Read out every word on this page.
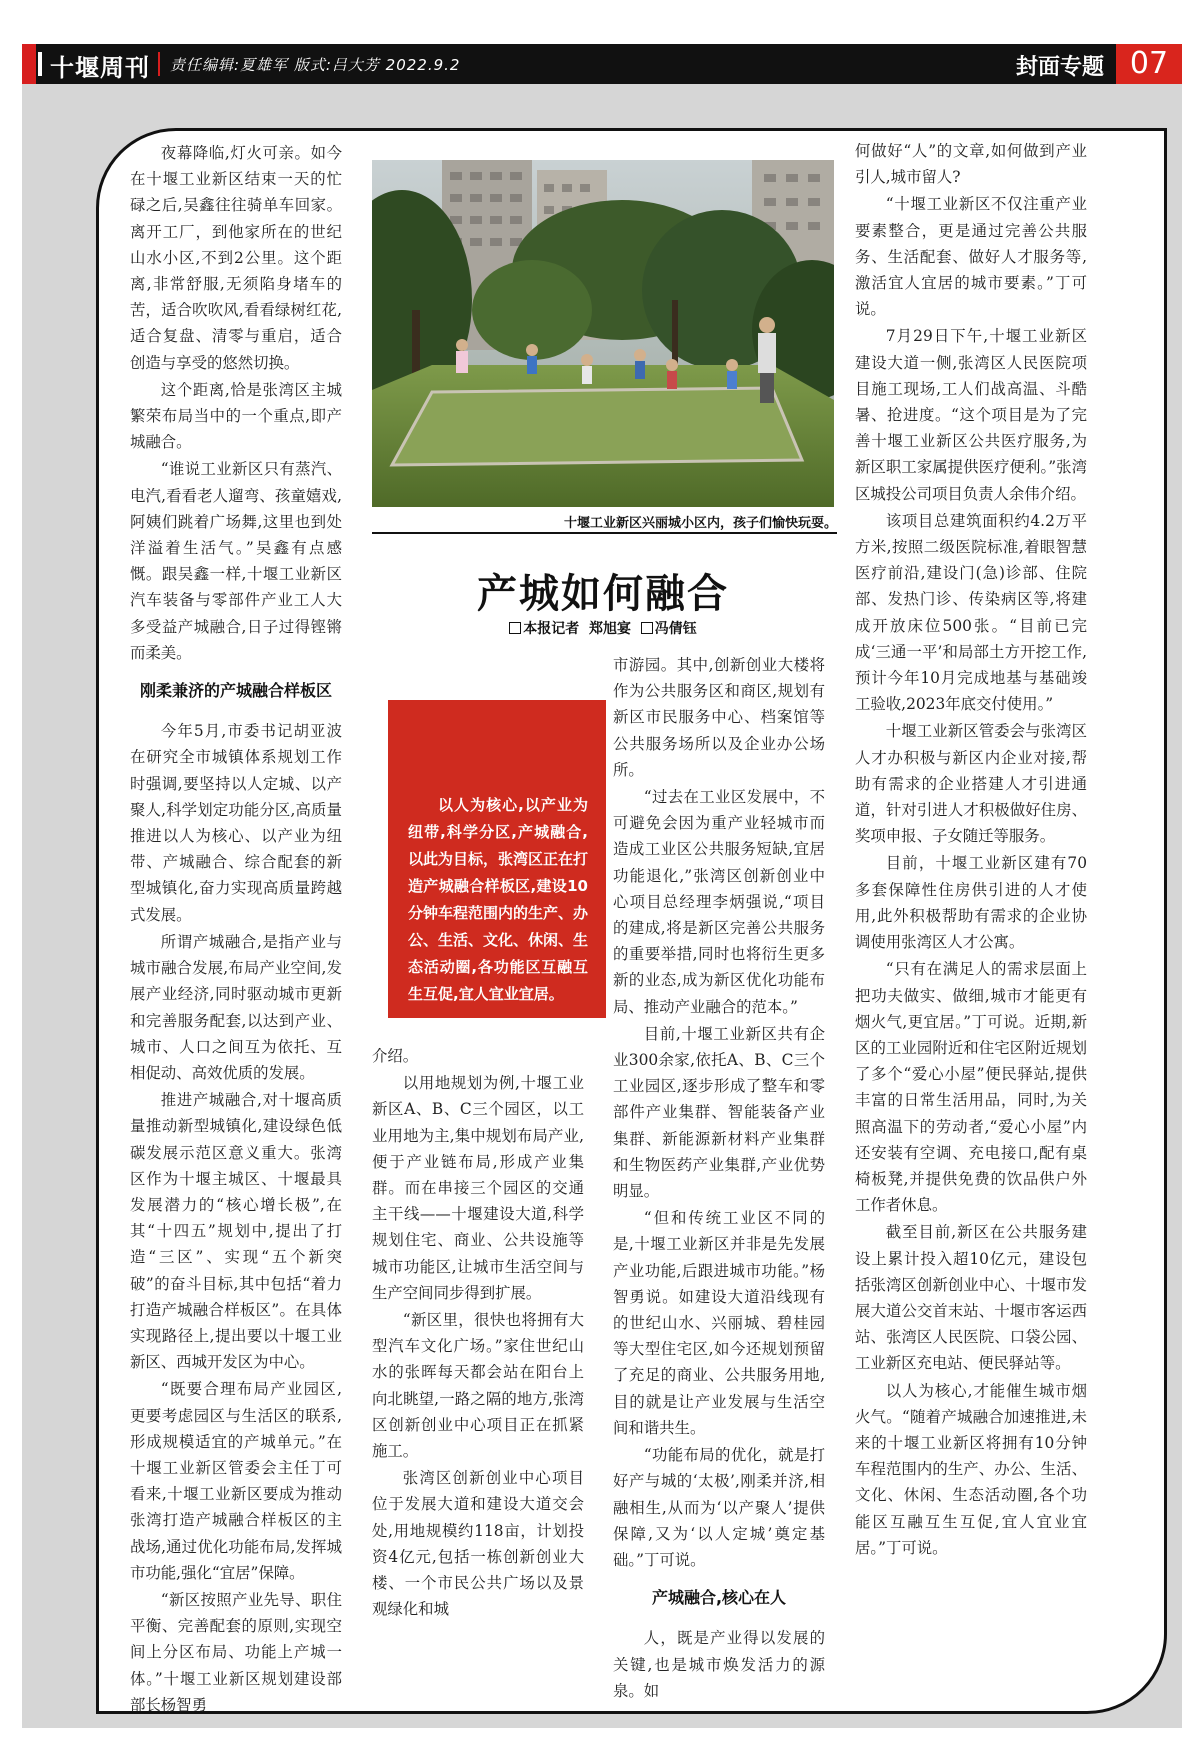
十堰周刊 责任编辑:夏雄军 版式:吕大芳 2022.9.2	封面专题 07
十堰工业新区兴丽城小区内，孩子们愉快玩耍。
产城如何融合
本报记者 郑旭宴 冯倩钰

以人为核心,以产业为纽带,科学分区,产城融合,以此为目标，张湾区正在打造产城融合样板区,建设10分钟车程范围内的生产、办公、生活、文化、休闲、生态活动圈,各功能区互融互生互促,宜人宜业宜居。

夜幕降临,灯火可亲。如今在十堰工业新区结束一天的忙碌之后,吴鑫往往骑单车回家。离开工厂，到他家所在的世纪山水小区,不到2公里。这个距离,非常舒服,无须陷身堵车的苦，适合吹吹风,看看绿树红花,适合复盘、清零与重启，适合创造与享受的悠然切换。

这个距离,恰是张湾区主城繁荣布局当中的一个重点,即产城融合。

“谁说工业新区只有蒸汽、电汽,看看老人遛弯、孩童嬉戏,阿姨们跳着广场舞,这里也到处洋溢着生活气。”吴鑫有点感慨。跟吴鑫一样,十堰工业新区汽车装备与零部件产业工人大多受益产城融合,日子过得铿锵而柔美。

刚柔兼济的产城融合样板区

今年5月,市委书记胡亚波在研究全市城镇体系规划工作时强调,要坚持以人定城、以产聚人,科学划定功能分区,高质量推进以人为核心、以产业为纽带、产城融合、综合配套的新型城镇化,奋力实现高质量跨越式发展。

所谓产城融合,是指产业与城市融合发展,布局产业空间,发展产业经济,同时驱动城市更新和完善服务配套,以达到产业、城市、人口之间互为依托、互相促动、高效优质的发展。

推进产城融合,对十堰高质量推动新型城镇化,建设绿色低碳发展示范区意义重大。张湾区作为十堰主城区、十堰最具发展潜力的“核心增长极”,在其“十四五”规划中,提出了打造“三区”、实现“五个新突破”的奋斗目标,其中包括“着力打造产城融合样板区”。在具体实现路径上,提出要以十堰工业新区、西城开发区为中心。

“既要合理布局产业园区,更要考虑园区与生活区的联系,形成规模适宜的产城单元。”在十堰工业新区管委会主任丁可看来,十堰工业新区要成为推动张湾打造产城融合样板区的主战场,通过优化功能布局,发挥城市功能,强化“宜居”保障。

“新区按照产业先导、职住平衡、完善配套的原则,实现空间上分区布局、功能上产城一体。”十堰工业新区规划建设部部长杨智勇

介绍。

以用地规划为例,十堰工业新区A、B、C三个园区，以工业用地为主,集中规划布局产业,便于产业链布局,形成产业集群。而在串接三个园区的交通主干线——十堰建设大道,科学规划住宅、商业、公共设施等城市功能区,让城市生活空间与生产空间同步得到扩展。

“新区里，很快也将拥有大型汽车文化广场。”家住世纪山水的张晖每天都会站在阳台上向北眺望,一路之隔的地方,张湾区创新创业中心项目正在抓紧施工。

张湾区创新创业中心项目位于发展大道和建设大道交会处,用地规模约118亩，计划投资4亿元,包括一栋创新创业大楼、一个市民公共广场以及景观绿化和城

市游园。其中,创新创业大楼将作为公共服务区和商区,规划有新区市民服务中心、档案馆等公共服务场所以及企业办公场所。

“过去在工业区发展中，不可避免会因为重产业轻城市而造成工业区公共服务短缺,宜居功能退化,”张湾区创新创业中心项目总经理李炳强说,“项目的建成,将是新区完善公共服务的重要举措,同时也将衍生更多新的业态,成为新区优化功能布局、推动产业融合的范本。”

目前,十堰工业新区共有企业300余家,依托A、B、C三个工业园区,逐步形成了整车和零部件产业集群、智能装备产业集群、新能源新材料产业集群和生物医药产业集群,产业优势明显。

“但和传统工业区不同的是,十堰工业新区并非是先发展产业功能,后跟进城市功能。”杨智勇说。如建设大道沿线现有的世纪山水、兴丽城、碧桂园等大型住宅区,如今还规划预留了充足的商业、公共服务用地,目的就是让产业发展与生活空间和谐共生。

“功能布局的优化，就是打好产与城的‘太极’,刚柔并济,相融相生,从而为‘以产聚人’提供保障,又为‘以人定城’奠定基础。”丁可说。

产城融合,核心在人

人，既是产业得以发展的关键,也是城市焕发活力的源泉。如

何做好“人”的文章,如何做到产业引人,城市留人?

“十堰工业新区不仅注重产业要素整合，更是通过完善公共服务、生活配套、做好人才服务等,激活宜人宜居的城市要素。”丁可说。

7月29日下午,十堰工业新区建设大道一侧,张湾区人民医院项目施工现场,工人们战高温、斗酷暑、抢进度。“这个项目是为了完善十堰工业新区公共医疗服务,为新区职工家属提供医疗便利。”张湾区城投公司项目负责人余伟介绍。

该项目总建筑面积约4.2万平方米,按照二级医院标准,着眼智慧医疗前沿,建设门(急)诊部、住院部、发热门诊、传染病区等,将建成开放床位500张。“目前已完成‘三通一平’和局部土方开挖工作,预计今年10月完成地基与基础竣工验收,2023年底交付使用。”

十堰工业新区管委会与张湾区人才办积极与新区内企业对接,帮助有需求的企业搭建人才引进通道，针对引进人才积极做好住房、奖项申报、子女随迁等服务。

目前，十堰工业新区建有70多套保障性住房供引进的人才使用,此外积极帮助有需求的企业协调使用张湾区人才公寓。

“只有在满足人的需求层面上把功夫做实、做细,城市才能更有烟火气,更宜居。”丁可说。近期,新区的工业园附近和住宅区附近规划了多个“爱心小屋”便民驿站,提供丰富的日常生活用品，同时,为关照高温下的劳动者,“爱心小屋”内还安装有空调、充电接口,配有桌椅板凳,并提供免费的饮品供户外工作者休息。

截至目前,新区在公共服务建设上累计投入超10亿元，建设包括张湾区创新创业中心、十堰市发展大道公交首末站、十堰市客运西站、张湾区人民医院、口袋公园、工业新区充电站、便民驿站等。

以人为核心,才能催生城市烟火气。“随着产城融合加速推进,未来的十堰工业新区将拥有10分钟车程范围内的生产、办公、生活、文化、休闲、生态活动圈,各个功能区互融互生互促,宜人宜业宜居。”丁可说。
